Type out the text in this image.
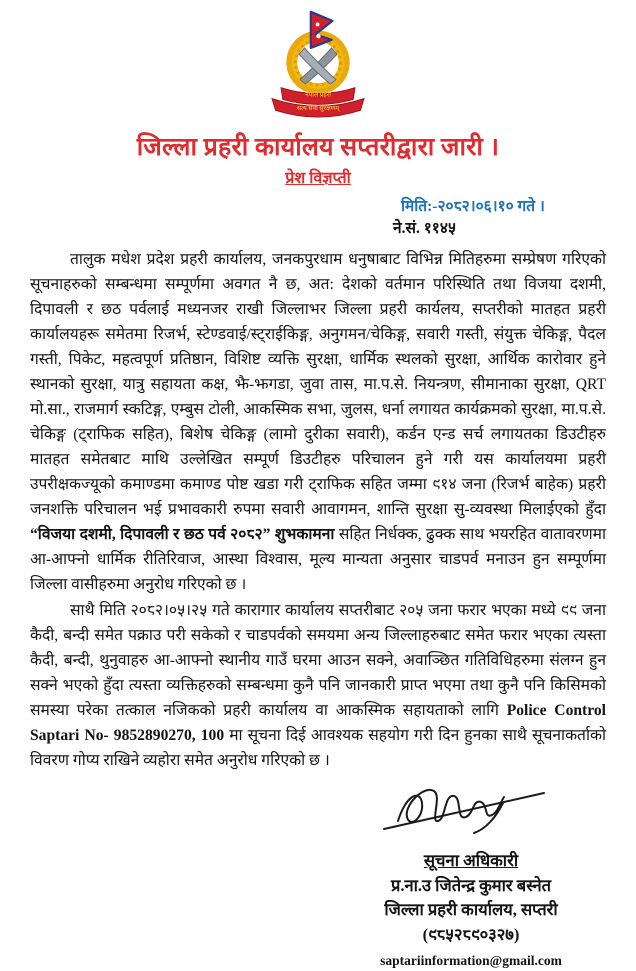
नेपाल प्रहरी
सत्य सेवा सुरक्षणम्
जिल्ला प्रहरी कार्यालय सप्तरीद्वारा जारी ।
प्रेश विज्ञप्ती
मिति:-२०८२।०६।१० गते ।
ने.सं. ११४५

तालुक मधेश प्रदेश प्रहरी कार्यालय, जनकपुरधाम धनुषाबाट विभिन्न मितिहरुमा सम्प्रेषण गरिएको सूचनाहरुको सम्बन्धमा सम्पूर्णमा अवगत नै छ, अत: देशको वर्तमान परिस्थिति तथा विजया दशमी, दिपावली र छठ पर्वलाई मध्यनजर राखी जिल्लाभर जिल्ला प्रहरी कार्यलय, सप्तरीको मातहत प्रहरी कार्यालयहरू समेतमा रिजर्भ, स्टेण्डवाई/स्ट्राईकिङ्ग, अनुगमन/चेकिङ्ग, सवारी गस्ती, संयुक्त चेकिङ्ग, पैदल गस्ती, पिकेट, महत्वपूर्ण प्रतिष्ठान, विशिष्ट व्यक्ति सुरक्षा, धार्मिक स्थलको सुरक्षा, आर्थिक कारोवार हुने स्थानको सुरक्षा, यात्रु सहायता कक्ष, झै-झगडा, जुवा तास, मा.प.से. नियन्त्रण, सीमानाका सुरक्षा, QRT मो.सा., राजमार्ग स्कटिङ्ग, एम्बुस टोली, आकस्मिक सभा, जुलस, धर्ना लगायत कार्यक्रमको सुरक्षा, मा.प.से. चेकिङ्ग (ट्राफिक सहित), बिशेष चेकिङ्ग (लामो दुरीका सवारी), कर्डन एन्ड सर्च लगायतका डिउटीहरु मातहत समेतबाट माथि उल्लेखित सम्पूर्ण डिउटीहरु परिचालन हुने गरी यस कार्यालयमा प्रहरी उपरीक्षकज्यूको कमाण्डमा कमाण्ड पोष्ट खडा गरी ट्राफिक सहित जम्मा ९१४ जना (रिजर्भ बाहेक) प्रहरी जनशक्ति परिचालन भई प्रभावकारी रुपमा सवारी आवागमन, शान्ति सुरक्षा सु-व्यवस्था मिलाईएको हुँदा “विजया दशमी, दिपावली र छठ पर्व २०८२” शुभकामना सहित निर्धक्क, ढुक्क साथ भयरहित वातावरणमा आ-आफ्नो धार्मिक रीतिरिवाज, आस्था विश्वास, मूल्य मान्यता अनुसार चाडपर्व मनाउन हुन सम्पूर्णमा जिल्ला वासीहरुमा अनुरोध गरिएको छ ।

साथै मिति २०८२।०५।२५ गते कारागार कार्यालय सप्तरीबाट २०५ जना फरार भएका मध्ये ९९ जना कैदी, बन्दी समेत पक्राउ परी सकेको र चाडपर्वको समयमा अन्य जिल्लाहरुबाट समेत फरार भएका त्यस्ता कैदी, बन्दी, थुनुवाहरु आ-आफ्नो स्थानीय गाउँ घरमा आउन सक्ने, अवाञ्छित गतिविधिहरुमा संलग्न हुन सक्ने भएको हुँदा त्यस्ता व्यक्तिहरुको सम्बन्धमा कुनै पनि जानकारी प्राप्त भएमा तथा कुनै पनि किसिमको समस्या परेका तत्काल नजिकको प्रहरी कार्यालय वा आकस्मिक सहायताको लागि Police Control Saptari No- 9852890270, 100 मा सूचना दिई आवश्यक सहयोग गरी दिन हुनका साथै सूचनाकर्ताको विवरण गोप्य राखिने व्यहोरा समेत अनुरोध गरिएको छ ।

सूचना अधिकारी
प्र.ना.उ जितेन्द्र कुमार बस्नेत
जिल्ला प्रहरी कार्यालय, सप्तरी
(९८५२८९०३२७)
saptariinformation@gmail.com
